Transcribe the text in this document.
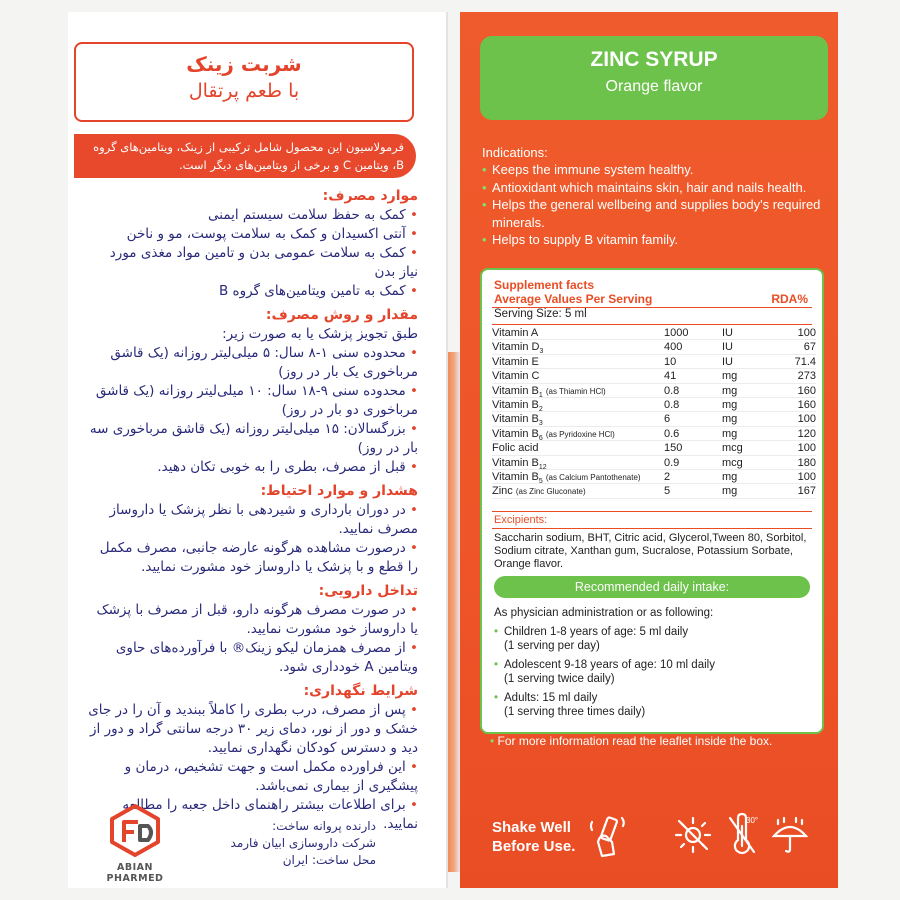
شربت زینک
با طعم پرتقال
فرمولاسیون این محصول شامل ترکیبی از زینک، ویتامین‌های گروه B، ویتامین C و برخی از ویتامین‌های دیگر است.
موارد مصرف:
• کمک به حفظ سلامت سیستم ایمنی
• آنتی اکسیدان و کمک به سلامت پوست، مو و ناخن
• کمک به سلامت عمومی بدن و تامین مواد مغذی مورد نیاز بدن
• کمک به تامین ویتامین‌های گروه B
مقدار و روش مصرف:
طبق تجویز پزشک یا به صورت زیر:
• محدوده سنی ۱-۸ سال: ۵ میلی‌لیتر روزانه (یک قاشق مرباخوری یک بار در روز)
• محدوده سنی ۹-۱۸ سال: ۱۰ میلی‌لیتر روزانه (یک قاشق مرباخوری دو بار در روز)
• بزرگسالان: ۱۵ میلی‌لیتر روزانه (یک قاشق مرباخوری سه بار در روز)
• قبل از مصرف، بطری را به خوبی تکان دهید.
هشدار و موارد احتیاط:
• در دوران بارداری و شیردهی با نظر پزشک یا داروساز مصرف نمایید.
• درصورت مشاهده هرگونه عارضه جانبی، مصرف مکمل را قطع و با پزشک یا داروساز خود مشورت نمایید.
تداخل دارویی:
• در صورت مصرف هرگونه دارو، قبل از مصرف با پزشک یا داروساز خود مشورت نمایید.
• از مصرف همزمان لیکو زینک® با فرآورده‌های حاوی ویتامین A خودداری شود.
شرایط نگهداری:
• پس از مصرف، درب بطری را کاملاً ببندید و آن را در جای خشک و دور از نور، دمای زیر ۳۰ درجه سانتی گراد و دور از دید و دسترس کودکان نگهداری نمایید.
• این فراورده مکمل است و جهت تشخیص، درمان و پیشگیری از بیماری نمی‌باشد.
• برای اطلاعات بیشتر راهنمای داخل جعبه را مطالعه نمایید.
ABIAN
PHARMED
دارنده پروانه ساخت:
شرکت داروسازی ابیان فارمد
محل ساخت: ایران
ZINC SYRUP
Orange flavor
Indications:
• Keeps the immune system healthy.
• Antioxidant which maintains skin, hair and nails health.
• Helps the general wellbeing and supplies body's required minerals.
• Helps to supply B vitamin family.
Supplement facts
Average Values Per Serving	RDA%
Serving Size: 5 ml
Vitamin A	1000	IU	100
Vitamin $D_3$	400	IU	67
Vitamin E	10	IU	71.4
Vitamin C	41	mg	273
Vitamin $B_1$ (as Thiamin HCl)	0.8	mg	160
Vitamin $B_2$	0.8	mg	160
Vitamin $B_3$	6	mg	100
Vitamin $B_6$ (as Pyridoxine HCl)	0.6	mg	120
Folic acid	150	mcg	100
Vitamin $B_{12}$	0.9	mcg	180
Vitamin $B_5$ (as Calcium Pantothenate)	2	mg	100
Zinc (as Zinc Gluconate)	5	mg	167
Excipients:
Saccharin sodium, BHT, Citric acid, Glycerol,Tween 80, Sorbitol, Sodium citrate, Xanthan gum, Sucralose, Potassium Sorbate, Orange flavor.
Recommended daily intake:
As physician administration or as following:
• Children 1-8 years of age: 5 ml daily
(1 serving per day)
• Adolescent 9-18 years of age: 10 ml daily
(1 serving twice daily)
• Adults: 15 ml daily
(1 serving three times daily)
• For more information read the leaflet inside the box.
Shake Well
Before Use.
30°
